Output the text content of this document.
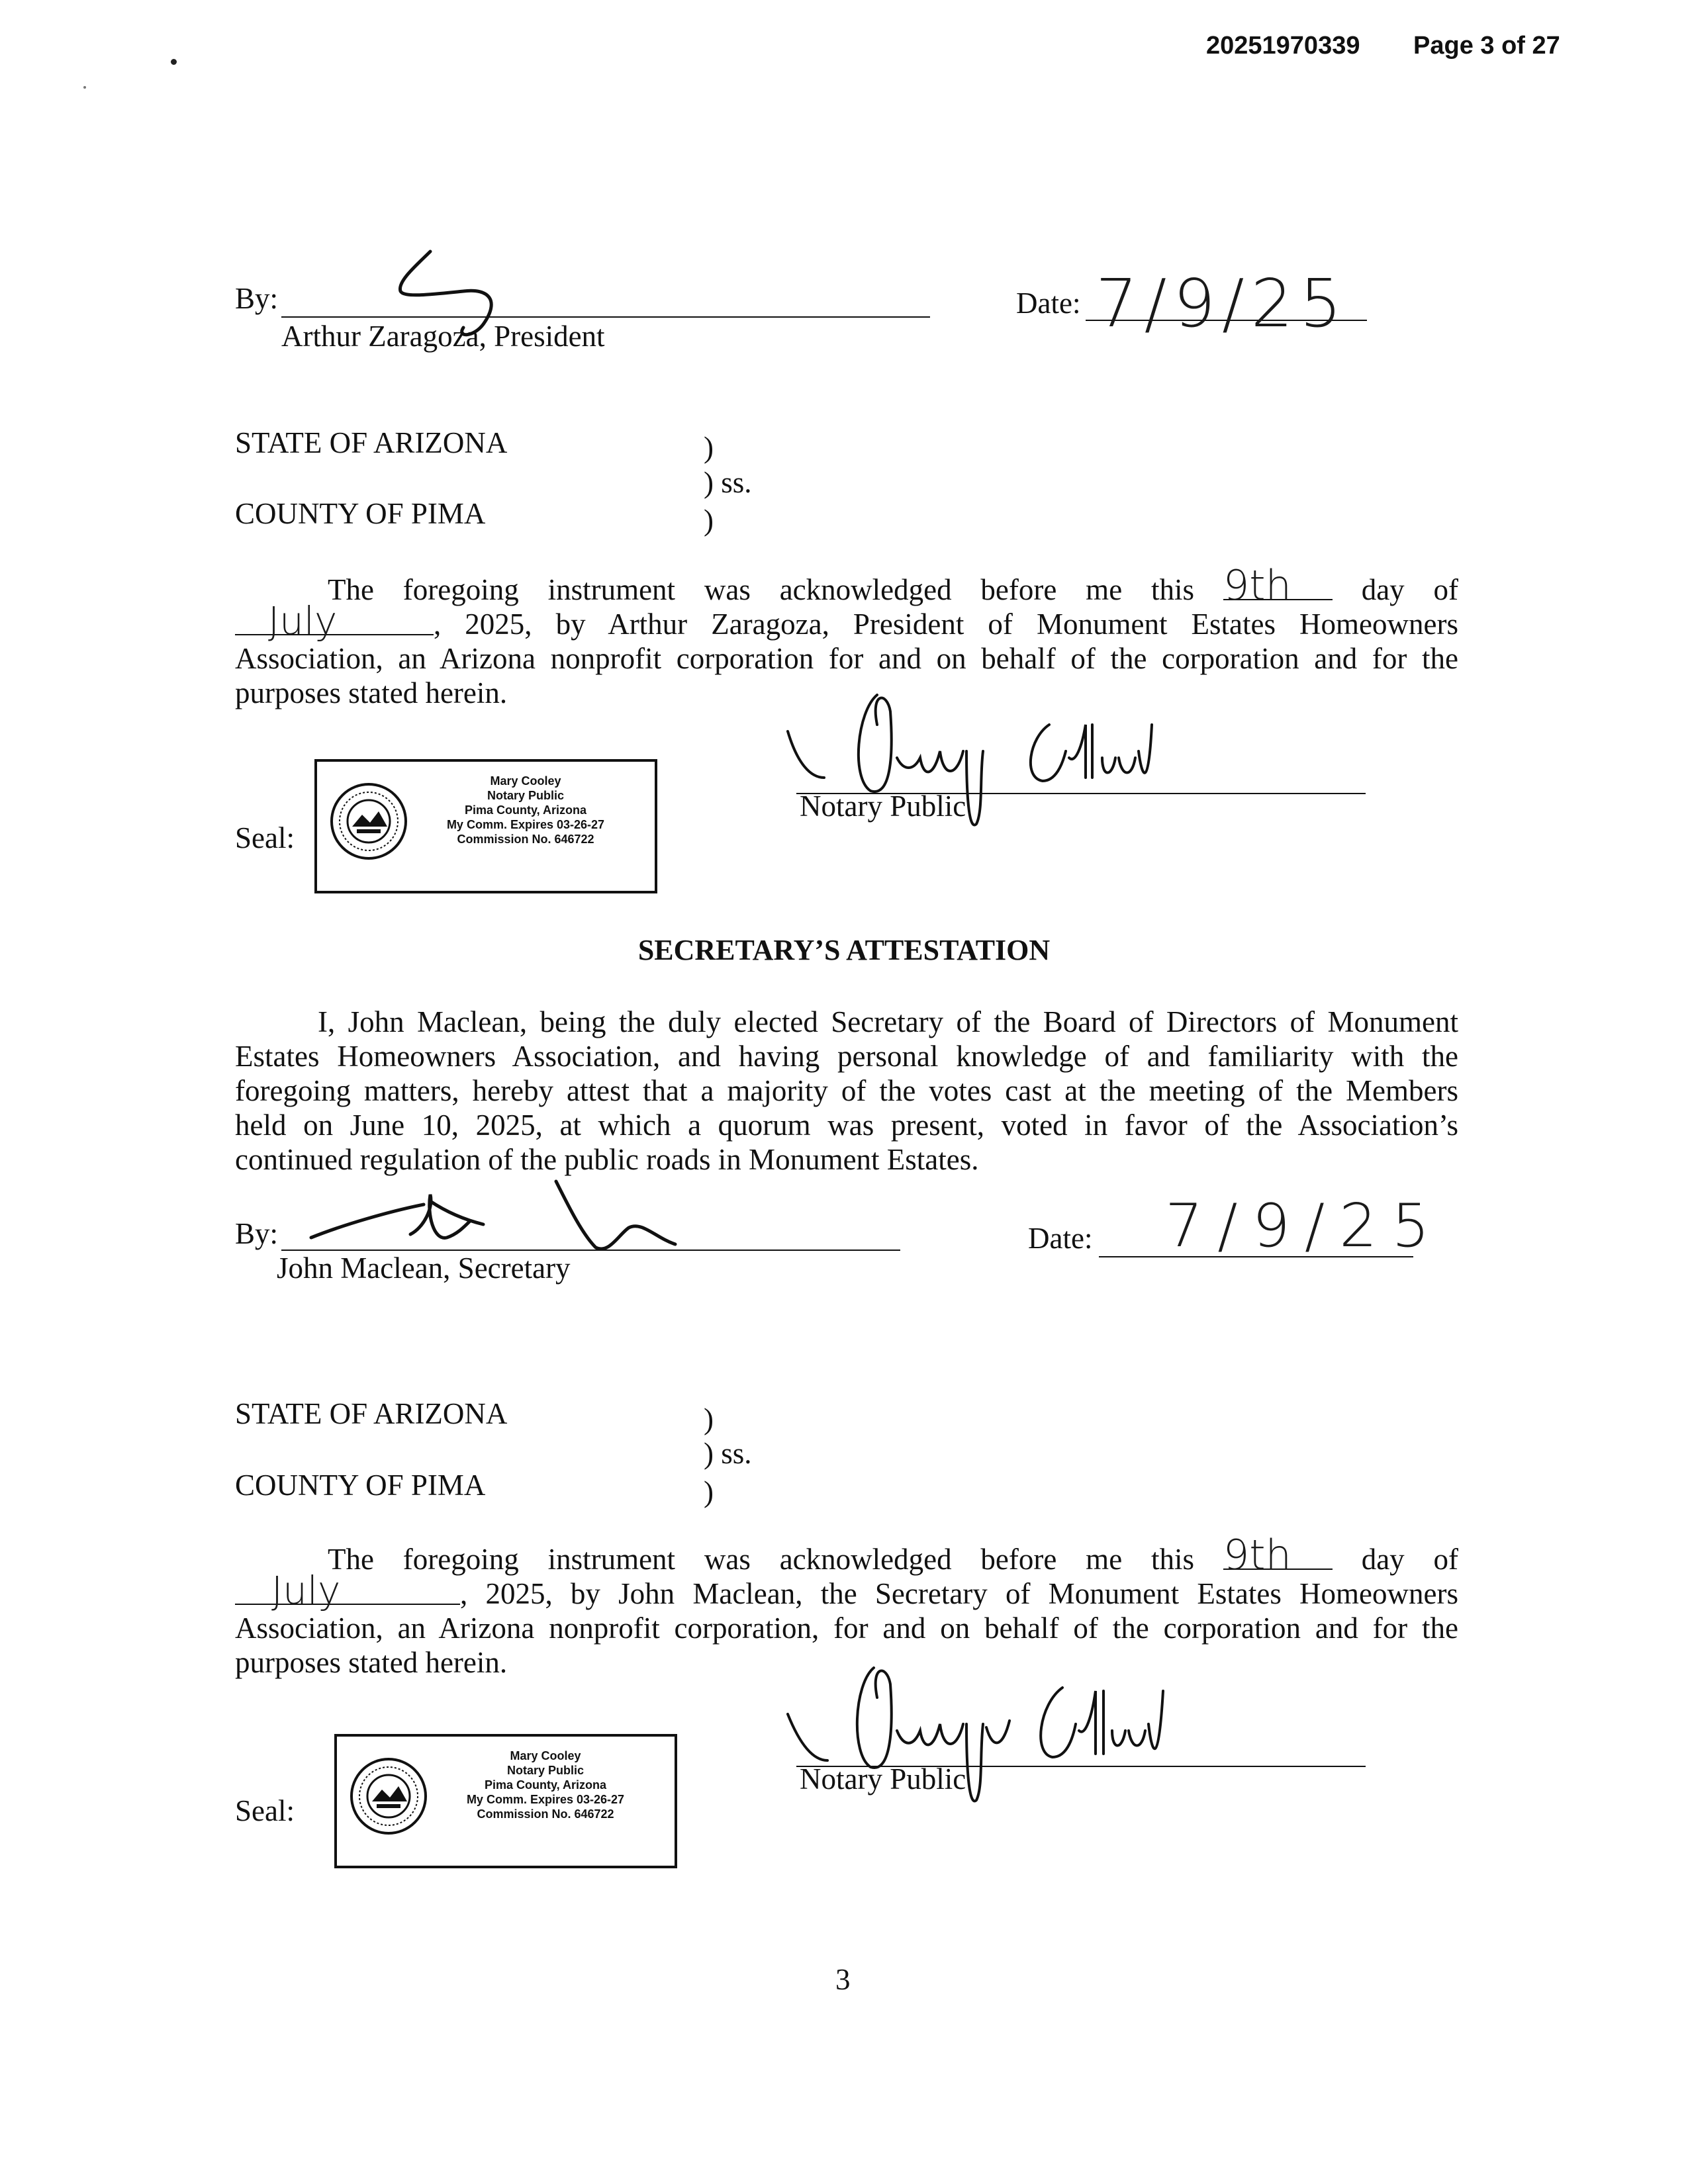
20251970339 Page 3 of 27
By:
Arthur Zaragoza, President
Date: 7/9/25
STATE OF ARIZONA	)
) ss.
COUNTY OF PIMA	)
The foregoing instrument was acknowledged before me this 9th day of
July	, 2025, by Arthur Zaragoza, President of Monument Estates Homeowners
Association, an Arizona nonprofit corporation for and on behalf of the corporation and for the
purposes stated herein.
Seal:
Mary Cooley
Notary Public
Pima County, Arizona
My Comm. Expires 03-26-27
Commission No. 646722
Notary Public
SECRETARY’S ATTESTATION
I, John Maclean, being the duly elected Secretary of the Board of Directors of Monument
Estates Homeowners Association, and having personal knowledge of and familiarity with the
foregoing matters, hereby attest that a majority of the votes cast at the meeting of the Members
held on June 10, 2025, at which a quorum was present, voted in favor of the Association’s
continued regulation of the public roads in Monument Estates.
By:
John Maclean, Secretary
Date: 7/9/25
STATE OF ARIZONA	)
) ss.
COUNTY OF PIMA	)
The foregoing instrument was acknowledged before me this 9th day of
July	, 2025, by John Maclean, the Secretary of Monument Estates Homeowners
Association, an Arizona nonprofit corporation, for and on behalf of the corporation and for the
purposes stated herein.
Seal:
Mary Cooley
Notary Public
Pima County, Arizona
My Comm. Expires 03-26-27
Commission No. 646722
Notary Public
3
